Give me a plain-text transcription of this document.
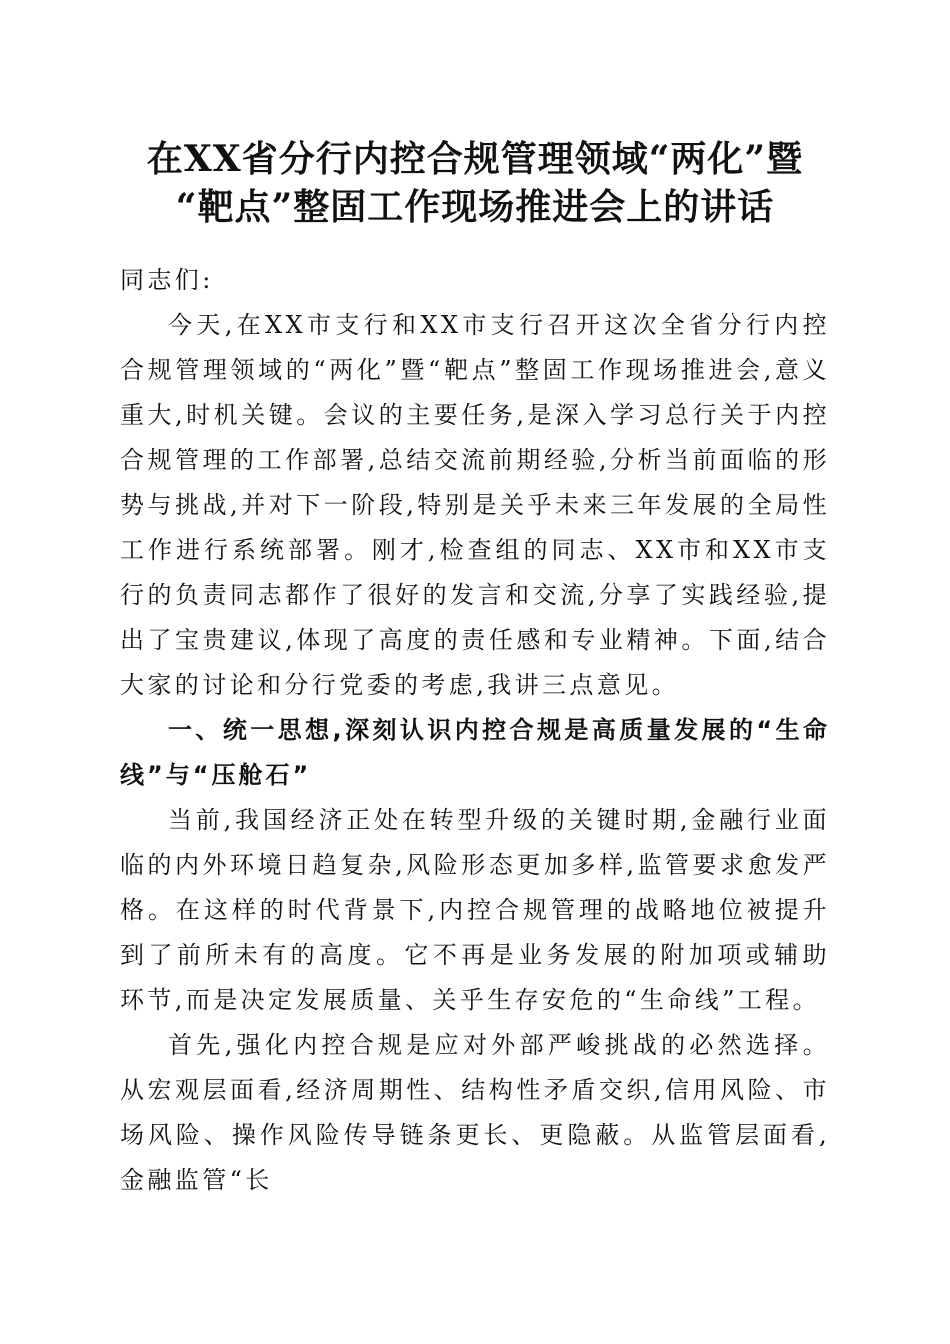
在XX省分行内控合规管理领域“两化”暨
“靶点”整固工作现场推进会上的讲话

同志们:

今天,在XX市支行和XX市支行召开这次全省分行内控合规管理领域的“两化”暨“靶点”整固工作现场推进会,意义重大,时机关键。会议的主要任务,是深入学习总行关于内控合规管理的工作部署,总结交流前期经验,分析当前面临的形势与挑战,并对下一阶段,特别是关乎未来三年发展的全局性工作进行系统部署。刚才,检查组的同志、XX市和XX市支行的负责同志都作了很好的发言和交流,分享了实践经验,提出了宝贵建议,体现了高度的责任感和专业精神。下面,结合大家的讨论和分行党委的考虑,我讲三点意见。

一、统一思想,深刻认识内控合规是高质量发展的“生命线”与“压舱石”

当前,我国经济正处在转型升级的关键时期,金融行业面临的内外环境日趋复杂,风险形态更加多样,监管要求愈发严格。在这样的时代背景下,内控合规管理的战略地位被提升到了前所未有的高度。它不再是业务发展的附加项或辅助环节,而是决定发展质量、关乎生存安危的“生命线”工程。

首先,强化内控合规是应对外部严峻挑战的必然选择。从宏观层面看,经济周期性、结构性矛盾交织,信用风险、市场风险、操作风险传导链条更长、更隐蔽。从监管层面看,金融监管“长
